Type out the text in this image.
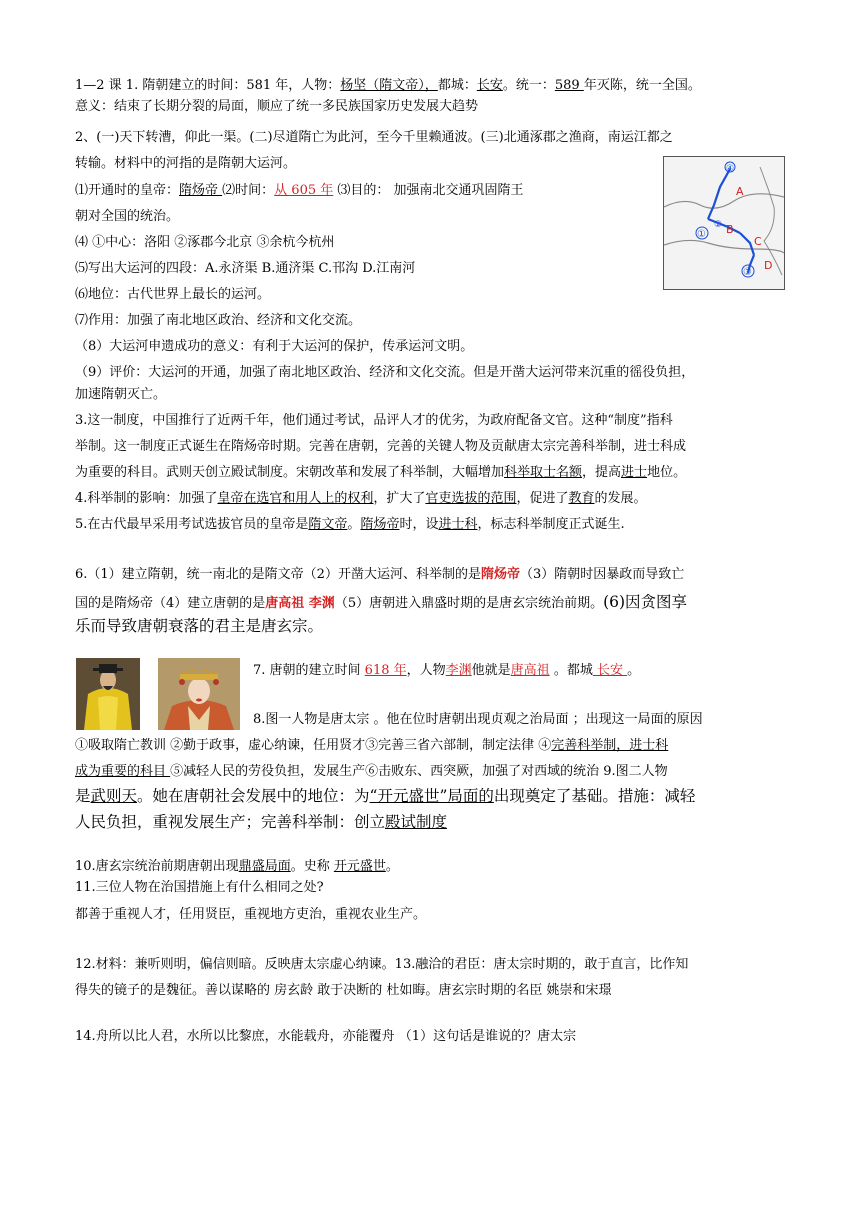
1—2 课 1. 隋朝建立的时间：581 年，人物：杨坚（隋文帝），都城：长安。统一：589 年灭陈，统一全国。
意义：结束了长期分裂的局面，顺应了统一多民族国家历史发展大趋势
2、(一)天下转漕，仰此一渠。(二)尽道隋亡为此河，至今千里赖通波。(三)北通涿郡之渔商，南运江都之
转输。材料中的河指的是隋朝大运河。
⑴开通时的皇帝：隋炀帝 ⑵时间：从 605 年 ⑶目的： 加强南北交通巩固隋王
朝对全国的统治。
⑷ ①中心：洛阳 ②涿郡今北京 ③余杭今杭州
⑸写出大运河的四段：A.永济渠 B.通济渠 C.邗沟 D.江南河
⑹地位：古代世界上最长的运河。
⑺作用：加强了南北地区政治、经济和文化交流。
（8）大运河申遗成功的意义：有利于大运河的保护，传承运河文明。
（9）评价：大运河的开通，加强了南北地区政治、经济和文化交流。但是开凿大运河带来沉重的徭役负担，
加速隋朝灭亡。
3.这一制度，中国推行了近两千年，他们通过考试，品评人才的优劣，为政府配备文官。这种“制度”指科
举制。这一制度正式诞生在隋炀帝时期。完善在唐朝，完善的关键人物及贡献唐太宗完善科举制，进士科成
为重要的科目。武则天创立殿试制度。宋朝改革和发展了科举制，大幅增加科举取士名额，提高进士地位。
4.科举制的影响：加强了皇帝在选官和用人上的权利，扩大了官吏选拔的范围，促进了教育的发展。
5.在古代最早采用考试选拔官员的皇帝是隋文帝。隋炀帝时，设进士科，标志科举制度正式诞生.
6.（1）建立隋朝，统一南北的是隋文帝（2）开凿大运河、科举制的是隋炀帝（3）隋朝时因暴政而导致亡
国的是隋炀帝（4）建立唐朝的是唐高祖 李渊（5）唐朝进入鼎盛时期的是唐玄宗统治前期。(6)因贪图享
乐而导致唐朝衰落的君主是唐玄宗。
7. 唐朝的建立时间 618 年，人物李渊他就是唐高祖 。都城 长安 。
8.图一人物是唐太宗 。他在位时唐朝出现贞观之治局面 ；出现这一局面的原因
①吸取隋亡教训 ②勤于政事，虚心纳谏，任用贤才③完善三省六部制，制定法律 ④完善科举制，进士科
成为重要的科目 ⑤减轻人民的劳役负担，发展生产⑥击败东、西突厥，加强了对西域的统治 9.图二人物
是武则天。她在唐朝社会发展中的地位：为“开元盛世”局面的出现奠定了基础。措施：减轻
人民负担，重视发展生产；完善科举制：创立殿试制度
10.唐玄宗统治前期唐朝出现鼎盛局面。史称 开元盛世。
11.三位人物在治国措施上有什么相同之处?
都善于重视人才，任用贤臣，重视地方吏治，重视农业生产。
12.材料：兼听则明，偏信则暗。反映唐太宗虚心纳谏。13.融洽的君臣：唐太宗时期的，敢于直言，比作知
得失的镜子的是魏征。善以谋略的 房玄龄 敢于决断的 杜如晦。唐玄宗时期的名臣 姚崇和宋璟
14.舟所以比人君，水所以比黎庶，水能载舟，亦能覆舟 （1）这句话是谁说的？唐太宗
④
①
②
③
A
B
C
D
